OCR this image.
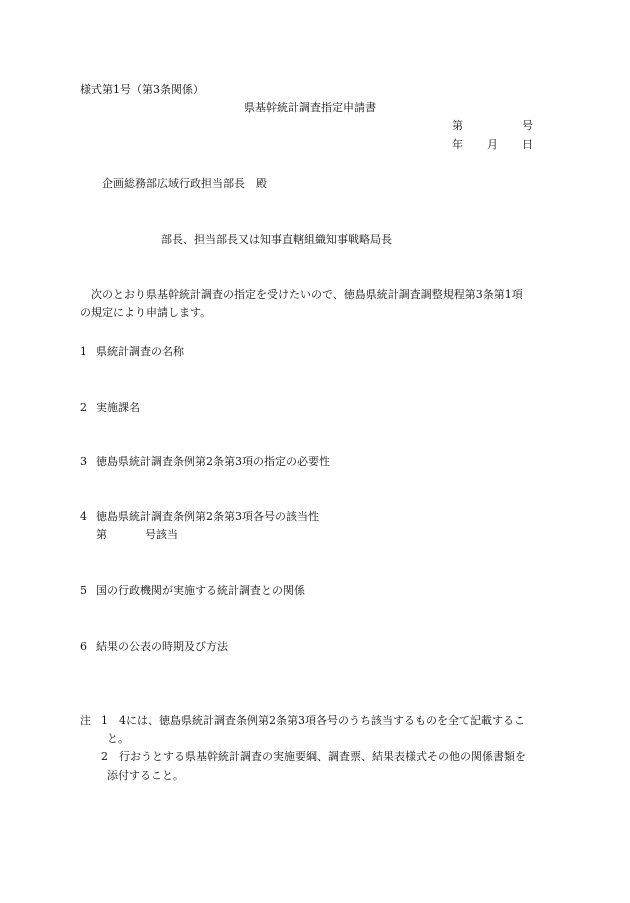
様式第1号（第3条関係）
県基幹統計調査指定申請書
第	号
年 月 日
企画総務部広域行政担当部長　殿
部長、担当部長又は知事直轄組織知事戦略局長
次のとおり県基幹統計調査の指定を受けたいので、徳島県統計調査調整規程第3条第1項
の規定により申請します。
1 県統計調査の名称
2 実施課名
3 徳島県統計調査条例第2条第3項の指定の必要性
4 徳島県統計調査条例第2条第3項各号の該当性
第	号該当
5 国の行政機関が実施する統計調査との関係
6 結果の公表の時期及び方法
注 1 4には、徳島県統計調査条例第2条第3項各号のうち該当するものを全て記載するこ
と。
2 行おうとする県基幹統計調査の実施要綱、調査票、結果表様式その他の関係書類を
添付すること。
